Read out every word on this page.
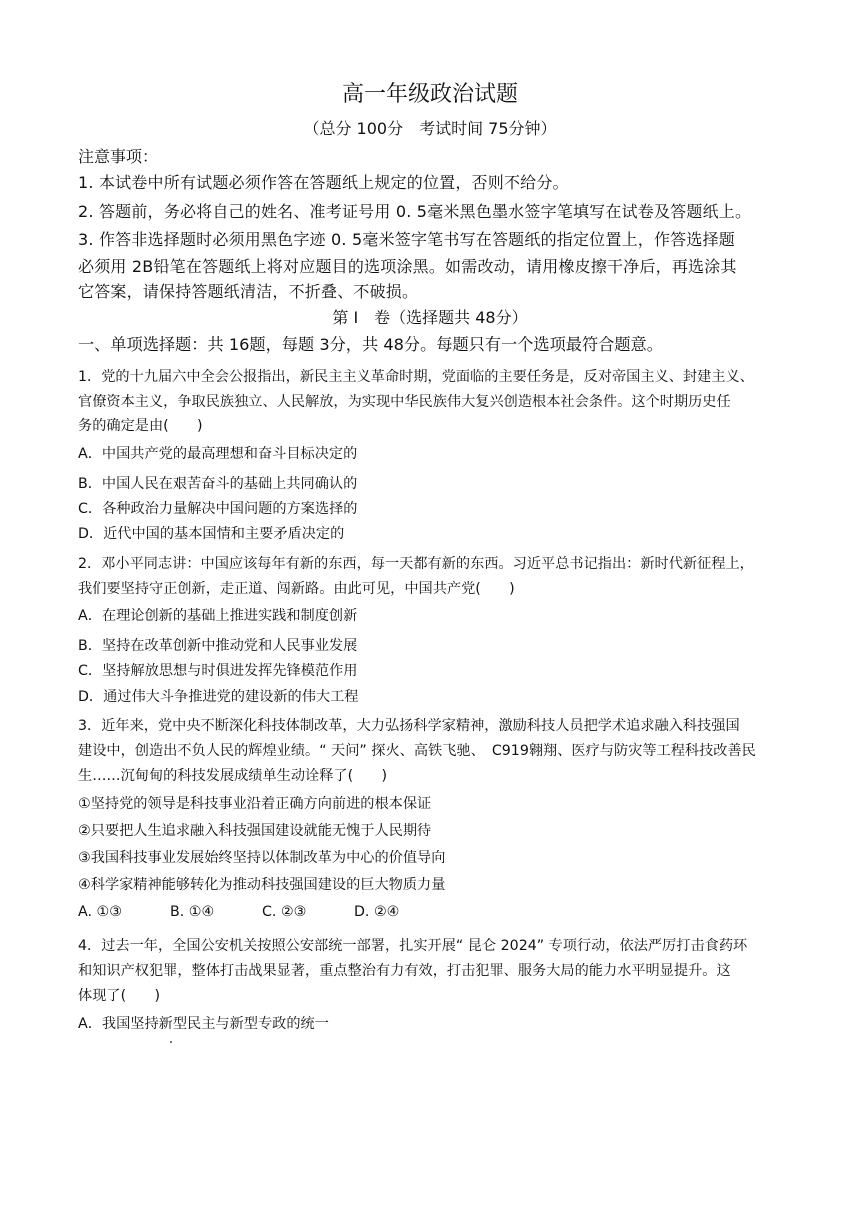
高一年级政治试题
（总分 100分　考试时间 75分钟）
注意事项：
1. 本试卷中所有试题必须作答在答题纸上规定的位置，否则不给分。
2. 答题前，务必将自己的姓名、准考证号用 0. 5毫米黑色墨水签字笔填写在试卷及答题纸上。
3. 作答非选择题时必须用黑色字迹 0. 5毫米签字笔书写在答题纸的指定位置上，作答选择题
必须用 2B铅笔在答题纸上将对应题目的选项涂黑。如需改动，请用橡皮擦干净后，再选涂其
它答案，请保持答题纸清洁，不折叠、不破损。
第 I　卷（选择题共 48分）
一、单项选择题：共 16题，每题 3分，共 48分。每题只有一个选项最符合题意。
1．党的十九届六中全会公报指出，新民主主义革命时期，党面临的主要任务是，反对帝国主义、封建主义、
官僚资本主义，争取民族独立、人民解放，为实现中华民族伟大复兴创造根本社会条件。这个时期历史任
务的确定是由(　　)
A．中国共产党的最高理想和奋斗目标决定的
B．中国人民在艰苦奋斗的基础上共同确认的
C．各种政治力量解决中国问题的方案选择的
D．近代中国的基本国情和主要矛盾决定的
2．邓小平同志讲：中国应该每年有新的东西，每一天都有新的东西。习近平总书记指出：新时代新征程上，
我们要坚持守正创新，走正道、闯新路。由此可见，中国共产党(　　)
A．在理论创新的基础上推进实践和制度创新
B．坚持在改革创新中推动党和人民事业发展
C．坚持解放思想与时俱进发挥先锋模范作用
D．通过伟大斗争推进党的建设新的伟大工程
3．近年来，党中央不断深化科技体制改革，大力弘扬科学家精神，激励科技人员把学术追求融入科技强国
建设中，创造出不负人民的辉煌业绩。“ 天问” 探火、高铁飞驰、　C919翱翔、医疗与防灾等工程科技改善民
生……沉甸甸的科技发展成绩单生动诠释了(　　)
①坚持党的领导是科技事业沿着正确方向前进的根本保证
②只要把人生追求融入科技强国建设就能无愧于人民期待
③我国科技事业发展始终坚持以体制改革为中心的价值导向
④科学家精神能够转化为推动科技强国建设的巨大物质力量
A. ①③	B. ①④	C. ②③	D. ②④
4．过去一年，全国公安机关按照公安部统一部署，扎实开展“ 昆仑 2024” 专项行动，依法严厉打击食药环
和知识产权犯罪，整体打击战果显著，重点整治有力有效，打击犯罪、服务大局的能力水平明显提升。这
体现了(　　)
A．我国坚持新型民主与新型专政的统一
